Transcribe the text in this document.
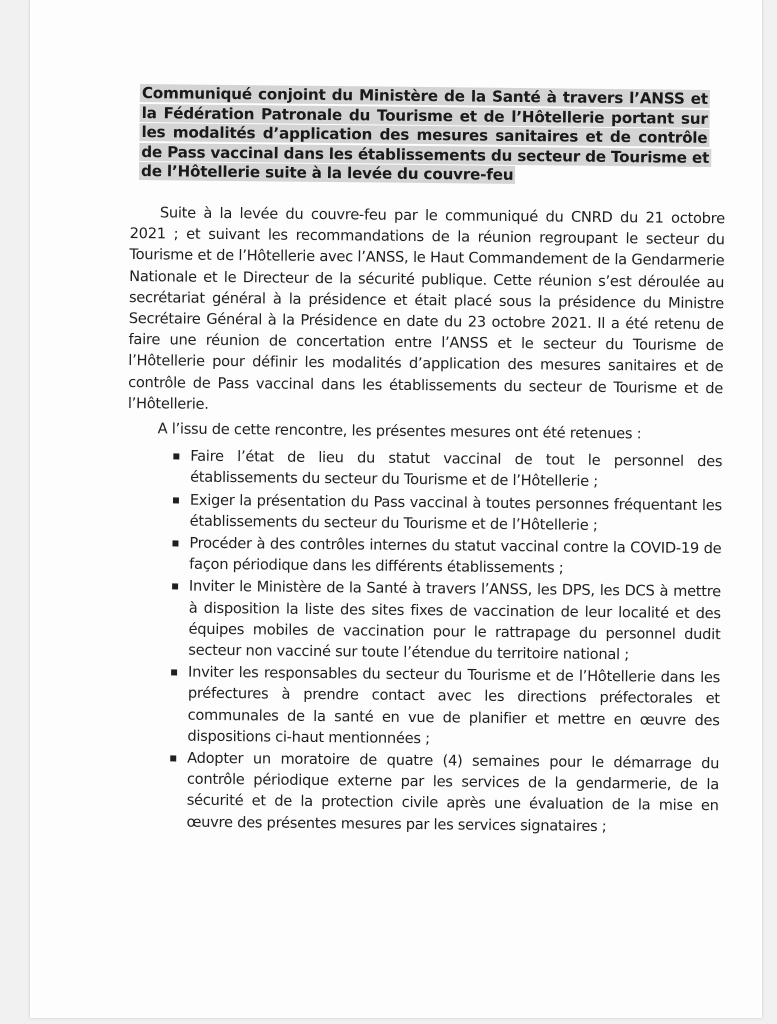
Communiqué conjoint du Ministère de la Santé à travers l’ANSS et la Fédération Patronale du Tourisme et de l’Hôtellerie portant sur les modalités d’application des mesures sanitaires et de contrôle de Pass vaccinal dans les établissements du secteur de Tourisme et de l’Hôtellerie suite à la levée du couvre-feu

Suite à la levée du couvre-feu par le communiqué du CNRD du 21 octobre 2021 ; et suivant les recommandations de la réunion regroupant le secteur du Tourisme et de l’Hôtellerie avec l’ANSS, le Haut Commandement de la Gendarmerie Nationale et le Directeur de la sécurité publique. Cette réunion s’est déroulée au secrétariat général à la présidence et était placé sous la présidence du Ministre Secrétaire Général à la Présidence en date du 23 octobre 2021. Il a été retenu de faire une réunion de concertation entre l’ANSS et le secteur du Tourisme de l’Hôtellerie pour définir les modalités d’application des mesures sanitaires et de contrôle de Pass vaccinal dans les établissements du secteur de Tourisme et de l’Hôtellerie.

A l’issu de cette rencontre, les présentes mesures ont été retenues :

▪ Faire l’état de lieu du statut vaccinal de tout le personnel des établissements du secteur du Tourisme et de l’Hôtellerie ;
▪ Exiger la présentation du Pass vaccinal à toutes personnes fréquentant les établissements du secteur du Tourisme et de l’Hôtellerie ;
▪ Procéder à des contrôles internes du statut vaccinal contre la COVID-19 de façon périodique dans les différents établissements ;
▪ Inviter le Ministère de la Santé à travers l’ANSS, les DPS, les DCS à mettre à disposition la liste des sites fixes de vaccination de leur localité et des équipes mobiles de vaccination pour le rattrapage du personnel dudit secteur non vacciné sur toute l’étendue du territoire national ;
▪ Inviter les responsables du secteur du Tourisme et de l’Hôtellerie dans les préfectures à prendre contact avec les directions préfectorales et communales de la santé en vue de planifier et mettre en œuvre des dispositions ci-haut mentionnées ;
▪ Adopter un moratoire de quatre (4) semaines pour le démarrage du contrôle périodique externe par les services de la gendarmerie, de la sécurité et de la protection civile après une évaluation de la mise en œuvre des présentes mesures par les services signataires ;
